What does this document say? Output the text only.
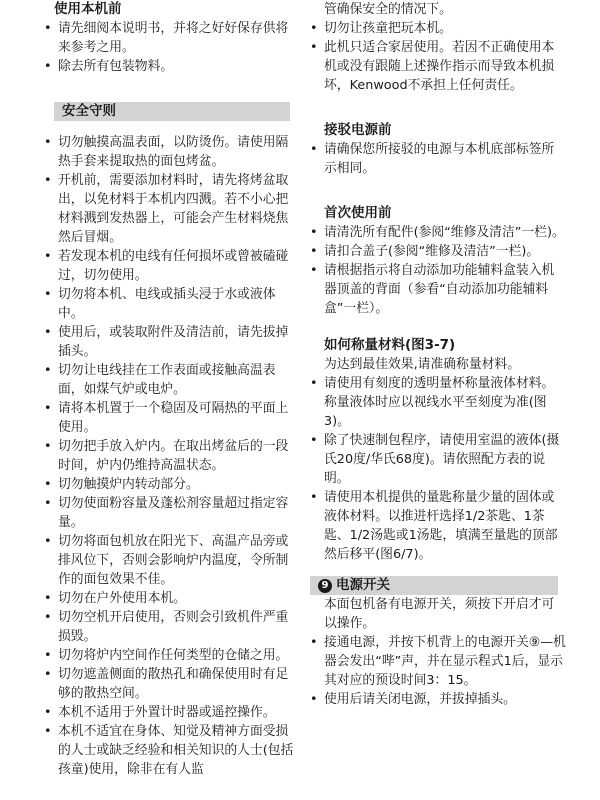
使用本机前

• 请先细阅本说明书，并将之好好保存供将来参考之用。
• 除去所有包装物料。

安全守则

• 切勿触摸高温表面，以防烫伤。请使用隔热手套来提取热的面包烤盆。
• 开机前，需要添加材料时，请先将烤盆取出，以免材料于本机内四溅。若不小心把材料溅到发热器上，可能会产生材料烧焦然后冒烟。
• 若发现本机的电线有任何损坏或曾被磕碰过，切勿使用。
• 切勿将本机、电线或插头浸于水或液体中。
• 使用后，或装取附件及清洁前，请先拔掉插头。
• 切勿让电线挂在工作表面或接触高温表面，如煤气炉或电炉。
• 请将本机置于一个稳固及可隔热的平面上使用。
• 切勿把手放入炉内。在取出烤盆后的一段时间，炉内仍维持高温状态。
• 切勿触摸炉内转动部分。
• 切勿使面粉容量及蓬松剂容量超过指定容量。
• 切勿将面包机放在阳光下、高温产品旁或排风位下，否则会影响炉内温度，令所制作的面包效果不佳。
• 切勿在户外使用本机。
• 切勿空机开启使用，否则会引致机件严重损毁。
• 切勿将炉内空间作任何类型的仓储之用。
• 切勿遮盖侧面的散热孔和确保使用时有足够的散热空间。
• 本机不适用于外置计时器或遥控操作。
• 本机不适宜在身体、知觉及精神方面受损的人士或缺乏经验和相关知识的人士(包括孩童)使用，除非在有人监

管确保安全的情况下。

• 切勿让孩童把玩本机。
• 此机只适合家居使用。若因不正确使用本机或没有跟随上述操作指示而导致本机损坏，Kenwood不承担上任何责任。

接驳电源前

• 请确保您所接驳的电源与本机底部标签所示相同。

首次使用前

• 请清洗所有配件(参阅“维修及清洁”一栏)。
• 请扣合盖子(参阅“维修及清洁”一栏)。
• 请根据指示将自动添加功能辅料盒装入机器顶盖的背面（参看“自动添加功能辅料盒”一栏）。

如何称量材料(图3-7)

为达到最佳效果,请准确称量材料。

• 请使用有刻度的透明量杯称量液体材料。称量液体时应以视线水平至刻度为准(图3)。
• 除了快速制包程序，请使用室温的液体(摄氏20度/华氏68度)。请依照配方表的说明。
• 请使用本机提供的量匙称量少量的固体或液体材料。以推进杆选择1/2茶匙、1茶匙、1/2汤匙或1汤匙，填满至量匙的顶部然后移平(图6/7)。

9 电源开关

本面包机备有电源开关，须按下开启才可以操作。

• 接通电源，并按下机背上的电源开关⑨—机器会发出“哔”声，并在显示程式1后，显示其对应的预设时间3：15。
• 使用后请关闭电源，并拔掉插头。
